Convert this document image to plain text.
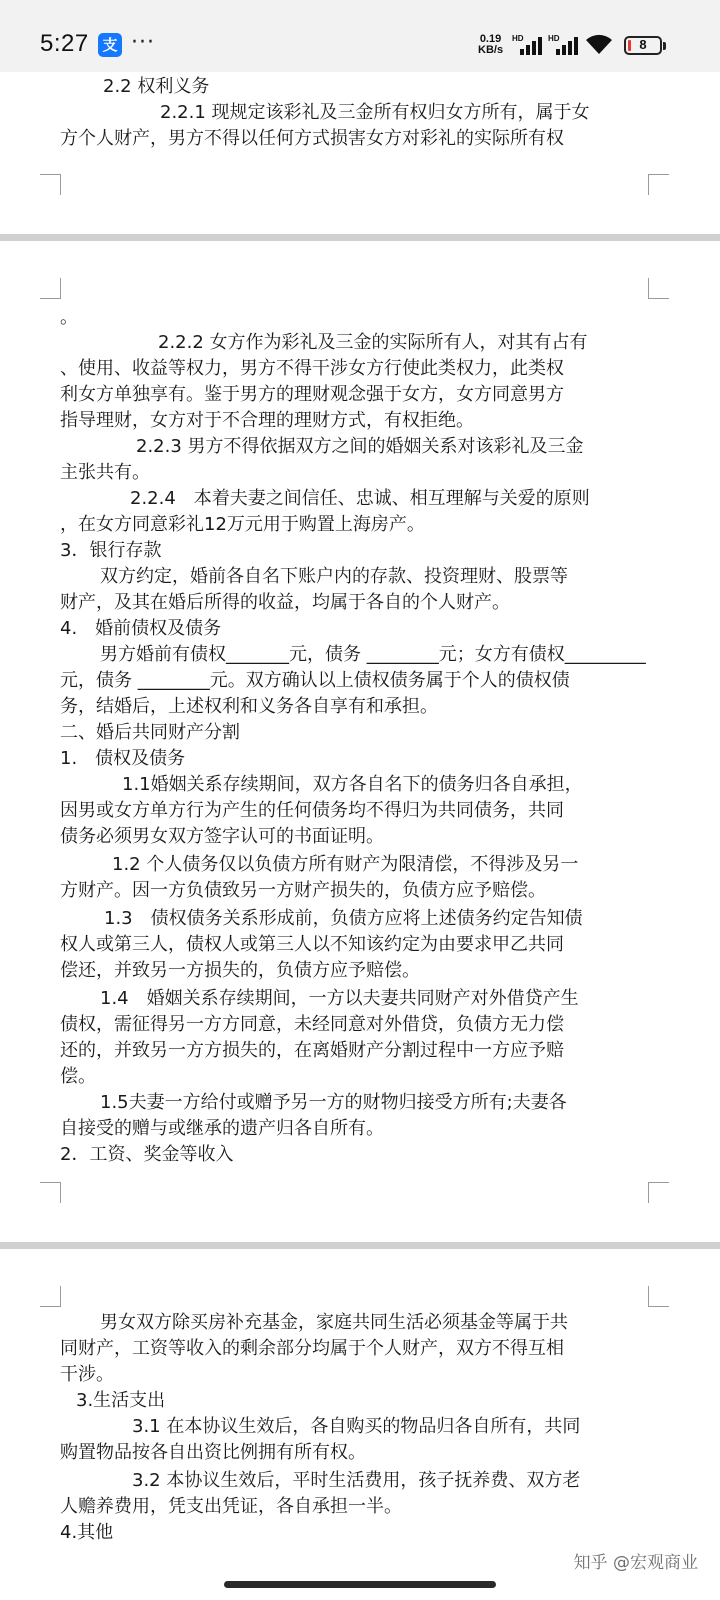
5:27 支 ···	0.19
KB/s
HD	HD	8
2.2 权利义务
2.2.1 现规定该彩礼及三金所有权归女方所有，属于女
方个人财产，男方不得以任何方式损害女方对彩礼的实际所有权
。
2.2.2 女方作为彩礼及三金的实际所有人，对其有占有
、使用、收益等权力，男方不得干涉女方行使此类权力，此类权
利女方单独享有。鉴于男方的理财观念强于女方，女方同意男方
指导理财，女方对于不合理的理财方式，有权拒绝。
2.2.3 男方不得依据双方之间的婚姻关系对该彩礼及三金
主张共有。
2.2.4　本着夫妻之间信任、忠诚、相互理解与关爱的原则
，在女方同意彩礼12万元用于购置上海房产。
3．银行存款
双方约定，婚前各自名下账户内的存款、投资理财、股票等
财产，及其在婚后所得的收益，均属于各自的个人财产。
4.　婚前债权及债务
男方婚前有债权_______元，债务 ________元；女方有债权_________
元，债务 ________元。双方确认以上债权债务属于个人的债权债
务，结婚后，上述权利和义务各自享有和承担。
二、婚后共同财产分割
1.　债权及债务
1.1婚姻关系存续期间，双方各自名下的债务归各自承担，
因男或女方单方行为产生的任何债务均不得归为共同债务，共同
债务必须男女双方签字认可的书面证明。
1.2 个人债务仅以负债方所有财产为限清偿，不得涉及另一
方财产。因一方负债致另一方财产损失的，负债方应予赔偿。
1.3　债权债务关系形成前，负债方应将上述债务约定告知债
权人或第三人，债权人或第三人以不知该约定为由要求甲乙共同
偿还，并致另一方损失的，负债方应予赔偿。
1.4　婚姻关系存续期间，一方以夫妻共同财产对外借贷产生
债权，需征得另一方方同意，未经同意对外借贷，负债方无力偿
还的，并致另一方方损失的，在离婚财产分割过程中一方应予赔
偿。
1.5夫妻一方给付或赠予另一方的财物归接受方所有;夫妻各
自接受的赠与或继承的遗产归各自所有。
2．工资、奖金等收入
男女双方除买房补充基金，家庭共同生活必须基金等属于共
同财产，工资等收入的剩余部分均属于个人财产，双方不得互相
干涉。
3.生活支出
3.1 在本协议生效后，各自购买的物品归各自所有，共同
购置物品按各自出资比例拥有所有权。
3.2 本协议生效后，平时生活费用，孩子抚养费、双方老
人赡养费用，凭支出凭证，各自承担一半。
4.其他
知乎 @宏观商业
